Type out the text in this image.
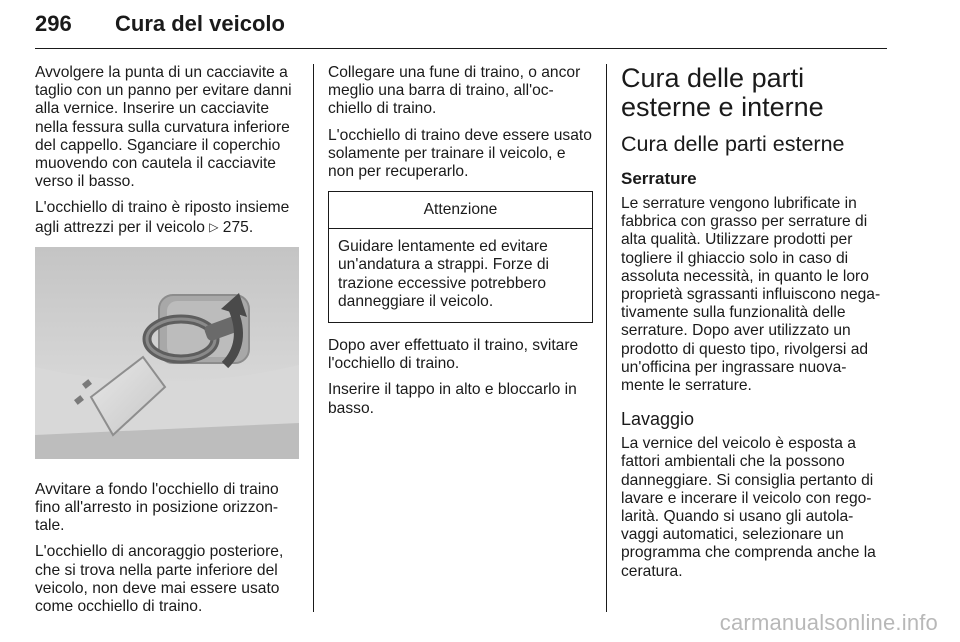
296 Cura del veicolo

Avvolgere la punta di un cacciavite a taglio con un panno per evitare danni alla vernice. Inserire un cacciavite nella fessura sulla curvatura inferiore del cappello. Sganciare il coperchio muovendo con cautela il cacciavite verso il basso.

L'occhiello di traino è riposto insieme agli attrezzi per il veicolo ▷ 275.

Avvitare a fondo l'occhiello di traino fino all'arresto in posizione orizzon-tale.

L'occhiello di ancoraggio posteriore, che si trova nella parte inferiore del veicolo, non deve mai essere usato come occhiello di traino.

Collegare una fune di traino, o ancor meglio una barra di traino, all'oc-chiello di traino.

L'occhiello di traino deve essere usato solamente per trainare il veicolo, e non per recuperarlo.

Attenzione

Guidare lentamente ed evitare un'andatura a strappi. Forze di trazione eccessive potrebbero danneggiare il veicolo.

Dopo aver effettuato il traino, svitare l'occhiello di traino.

Inserire il tappo in alto e bloccarlo in basso.

Cura delle parti esterne e interne
Cura delle parti esterne
Serrature

Le serrature vengono lubrificate in fabbrica con grasso per serrature di alta qualità. Utilizzare prodotti per togliere il ghiaccio solo in caso di assoluta necessità, in quanto le loro proprietà sgrassanti influiscono nega-tivamente sulla funzionalità delle serrature. Dopo aver utilizzato un prodotto di questo tipo, rivolgersi ad un'officina per ingrassare nuova-mente le serrature.

Lavaggio

La vernice del veicolo è esposta a fattori ambientali che la possono danneggiare. Si consiglia pertanto di lavare e incerare il veicolo con rego-larità. Quando si usano gli autola-vaggi automatici, selezionare un programma che comprenda anche la ceratura.

carmanualsonline.info
